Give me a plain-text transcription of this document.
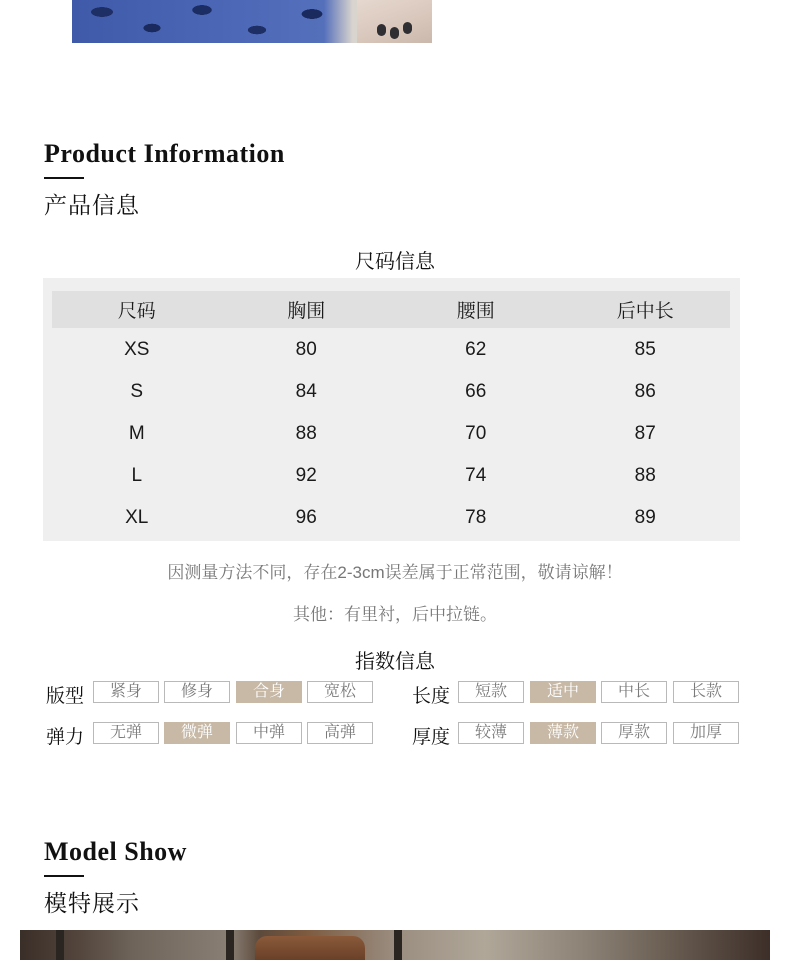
Product Information
产品信息
尺码信息
尺码	胸围	腰围	后中长
XS	80	62	85
S	84	66	86
M	88	70	87
L	92	74	88
XL	96	78	89
因测量方法不同，存在2-3cm误差属于正常范围，敬请谅解！
其他：有里衬，后中拉链。
指数信息
版型	紧身	修身	合身	宽松	长度	短款	适中	中长	长款
弹力	无弹	微弹	中弹	高弹	厚度	较薄	薄款	厚款	加厚
Model Show
模特展示
